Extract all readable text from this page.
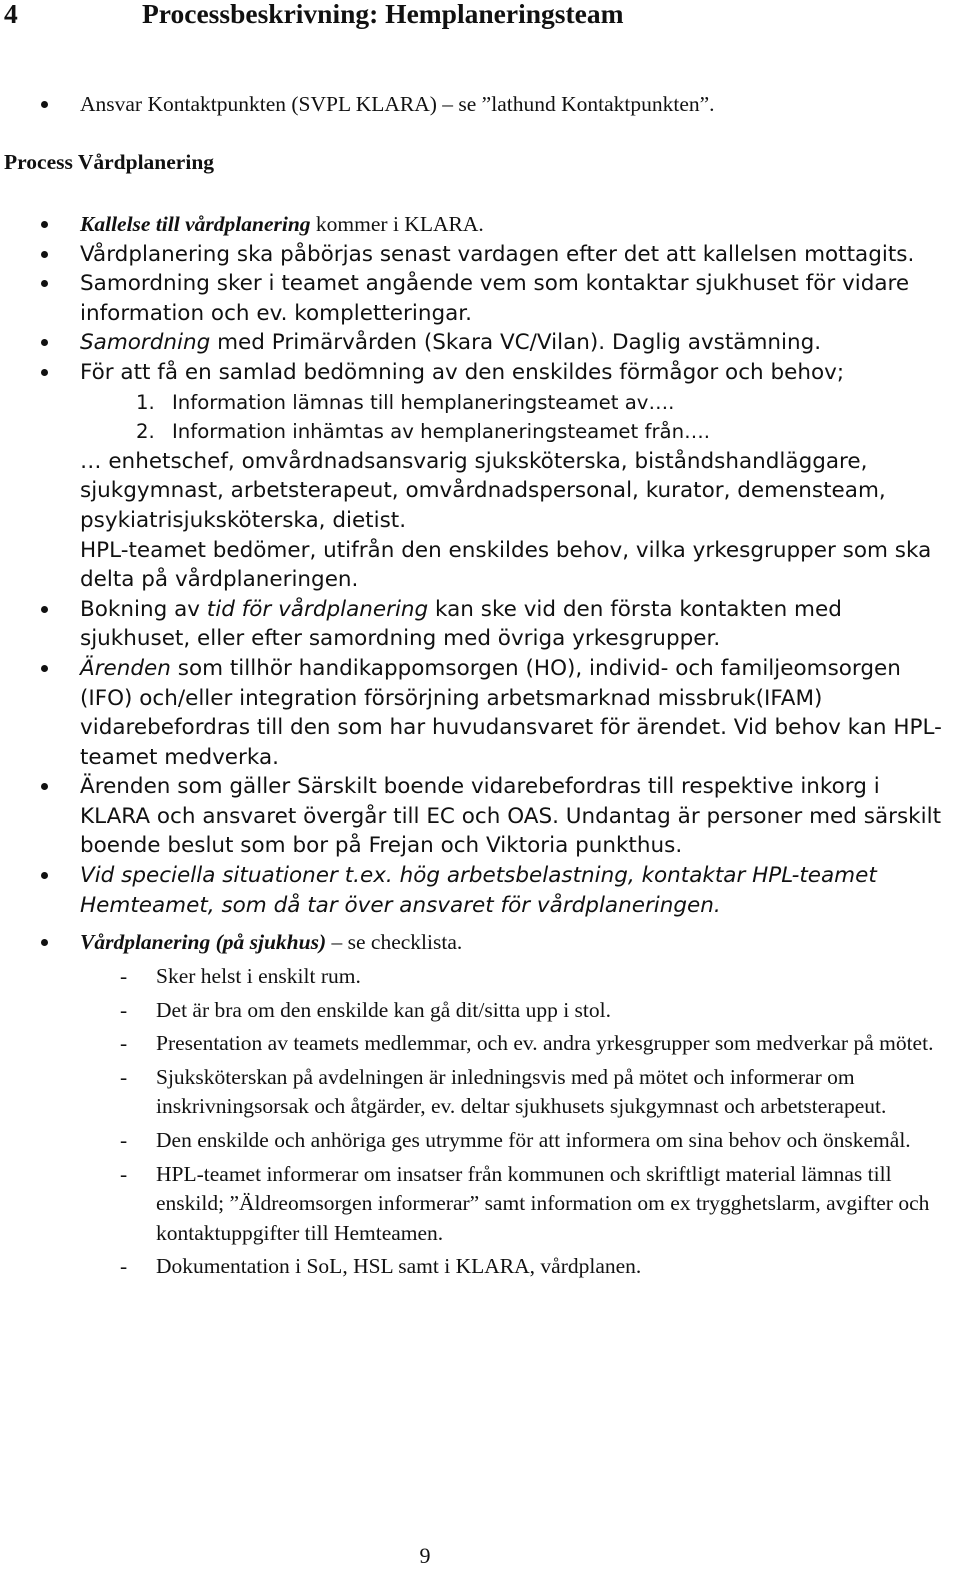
4	Processbeskrivning: Hemplaneringsteam
Ansvar Kontaktpunkten (SVPL KLARA) – se ”lathund Kontaktpunkten”.
Process Vårdplanering
Kallelse till vårdplanering kommer i KLARA.
Vårdplanering ska påbörjas senast vardagen efter det att kallelsen mottagits.
Samordning sker i teamet angående vem som kontaktar sjukhuset för vidare information och ev. kompletteringar.
Samordning med Primärvården (Skara VC/Vilan). Daglig avstämning.
För att få en samlad bedömning av den enskildes förmågor och behov;
1. Information lämnas till hemplaneringsteamet av….
2. Information inhämtas av hemplaneringsteamet från….
… enhetschef, omvårdnadsansvarig sjuksköterska, biståndshandläggare, sjukgymnast, arbetsterapeut, omvårdnadspersonal, kurator, demensteam, psykiatrisjuksköterska, dietist.
HPL-teamet bedömer, utifrån den enskildes behov, vilka yrkesgrupper som ska delta på vårdplaneringen.
Bokning av tid för vårdplanering kan ske vid den första kontakten med sjukhuset, eller efter samordning med övriga yrkesgrupper.
Ärenden som tillhör handikappomsorgen (HO), individ- och familjeomsorgen (IFO) och/eller integration försörjning arbetsmarknad missbruk(IFAM) vidarebefordras till den som har huvudansvaret för ärendet. Vid behov kan HPL-teamet medverka.
Ärenden som gäller Särskilt boende vidarebefordras till respektive inkorg i KLARA och ansvaret övergår till EC och OAS. Undantag är personer med särskilt boende beslut som bor på Frejan och Viktoria punkthus.
Vid speciella situationer t.ex. hög arbetsbelastning, kontaktar HPL-teamet Hemteamet, som då tar över ansvaret för vårdplaneringen.
Vårdplanering (på sjukhus) – se checklista.
- Sker helst i enskilt rum.
- Det är bra om den enskilde kan gå dit/sitta upp i stol.
- Presentation av teamets medlemmar, och ev. andra yrkesgrupper som medverkar på mötet.
- Sjuksköterskan på avdelningen är inledningsvis med på mötet och informerar om inskrivningsorsak och åtgärder, ev. deltar sjukhusets sjukgymnast och arbetsterapeut.
- Den enskilde och anhöriga ges utrymme för att informera om sina behov och önskemål.
- HPL-teamet informerar om insatser från kommunen och skriftligt material lämnas till enskild; ”Äldreomsorgen informerar” samt information om ex trygghetslarm, avgifter och kontaktuppgifter till Hemteamen.
- Dokumentation i SoL, HSL samt i KLARA, vårdplanen.
9
